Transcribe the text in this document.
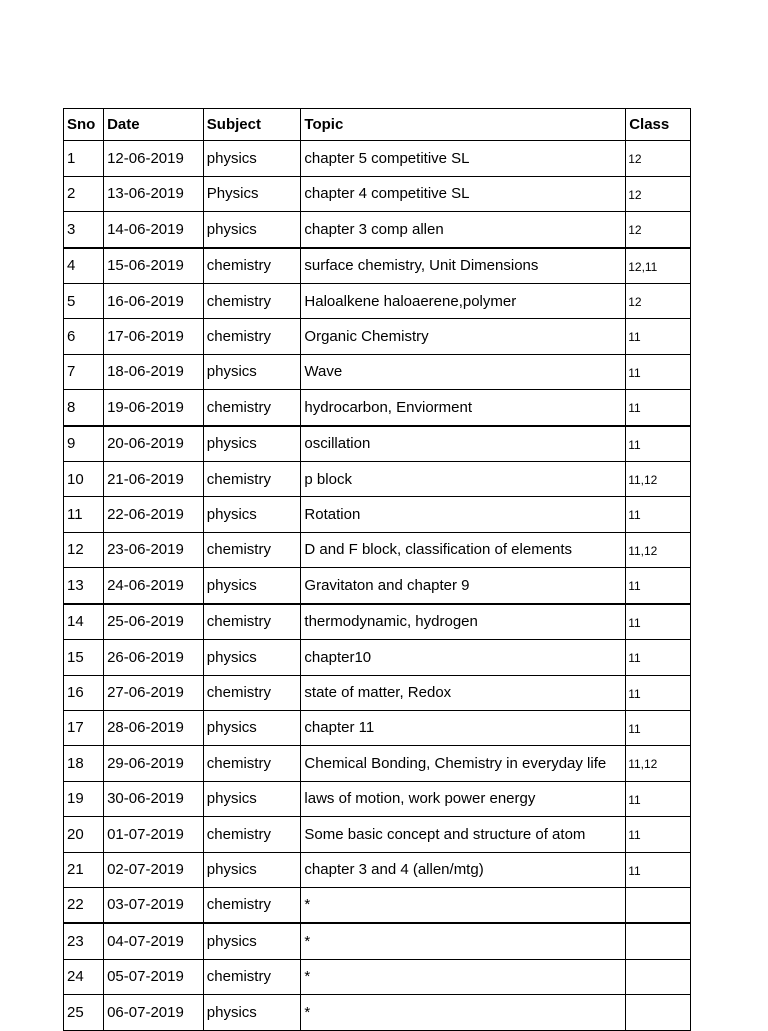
Sno	Date	Subject	Topic	Class
1	12-06-2019	physics	chapter 5 competitive SL	12
2	13-06-2019	Physics	chapter 4 competitive SL	12
3	14-06-2019	physics	chapter 3 comp allen	12
4	15-06-2019	chemistry	surface chemistry, Unit Dimensions	12,11
5	16-06-2019	chemistry	Haloalkene haloaerene,polymer	12
6	17-06-2019	chemistry	Organic Chemistry	11
7	18-06-2019	physics	Wave	11
8	19-06-2019	chemistry	hydrocarbon, Enviorment	11
9	20-06-2019	physics	oscillation	11
10	21-06-2019	chemistry	p block	11,12
11	22-06-2019	physics	Rotation	11
12	23-06-2019	chemistry	D and F block, classification of elements	11,12
13	24-06-2019	physics	Gravitaton and chapter 9	11
14	25-06-2019	chemistry	thermodynamic, hydrogen	11
15	26-06-2019	physics	chapter10	11
16	27-06-2019	chemistry	state of matter, Redox	11
17	28-06-2019	physics	chapter 11	11
18	29-06-2019	chemistry	Chemical Bonding, Chemistry in everyday life	11,12
19	30-06-2019	physics	laws of motion, work power energy	11
20	01-07-2019	chemistry	Some basic concept and structure of atom	11
21	02-07-2019	physics	chapter 3 and 4 (allen/mtg)	11
22	03-07-2019	chemistry	*	
23	04-07-2019	physics	*	
24	05-07-2019	chemistry	*	
25	06-07-2019	physics	*	
